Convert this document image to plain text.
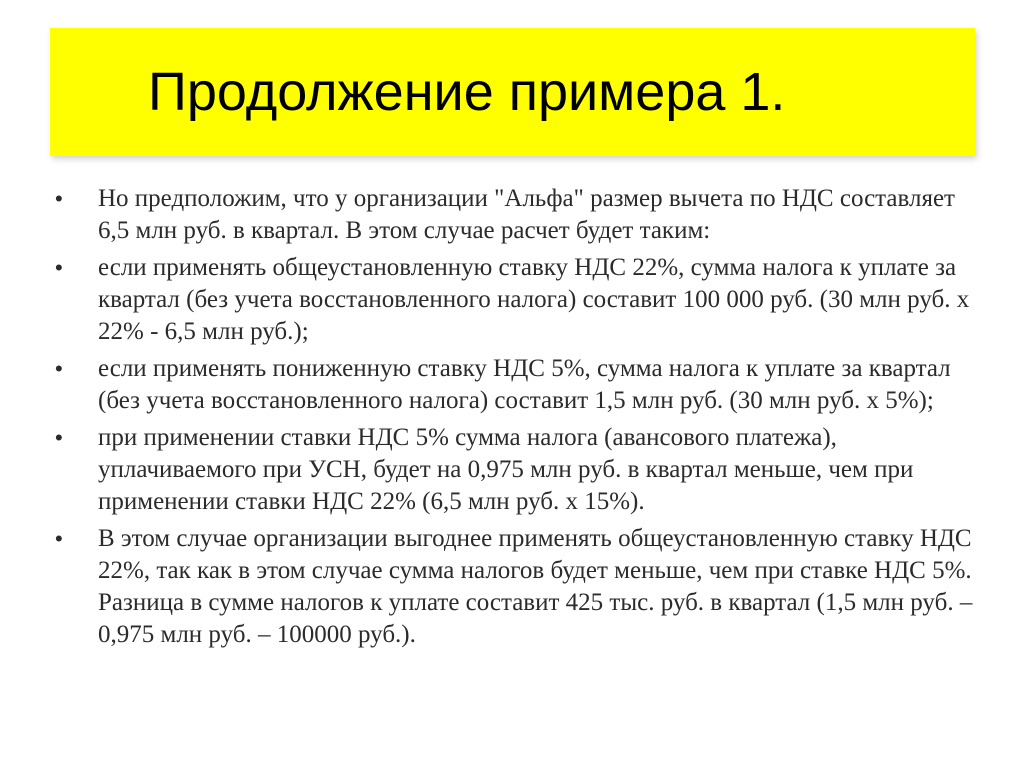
Продолжение примера 1.
•	Но предположим, что у организации "Альфа" размер вычета по НДС составляет 6,5 млн руб. в квартал. В этом случае расчет будет таким:
•	если применять общеустановленную ставку НДС 22%, сумма налога к уплате за квартал (без учета восстановленного налога) составит 100 000 руб. (30 млн руб. x 22% - 6,5 млн руб.);
•	если применять пониженную ставку НДС 5%, сумма налога к уплате за квартал (без учета восстановленного налога) составит 1,5 млн руб. (30 млн руб. x 5%);
•	при применении ставки НДС 5% сумма налога (авансового платежа), уплачиваемого при УСН, будет на 0,975 млн руб. в квартал меньше, чем при применении ставки НДС 22% (6,5 млн руб. x 15%).
•	В этом случае организации выгоднее применять общеустановленную ставку НДС 22%, так как в этом случае сумма налогов будет меньше, чем при ставке НДС 5%. Разница в сумме налогов к уплате составит 425 тыс. руб. в квартал (1,5 млн руб. – 0,975 млн руб. – 100000 руб.).
